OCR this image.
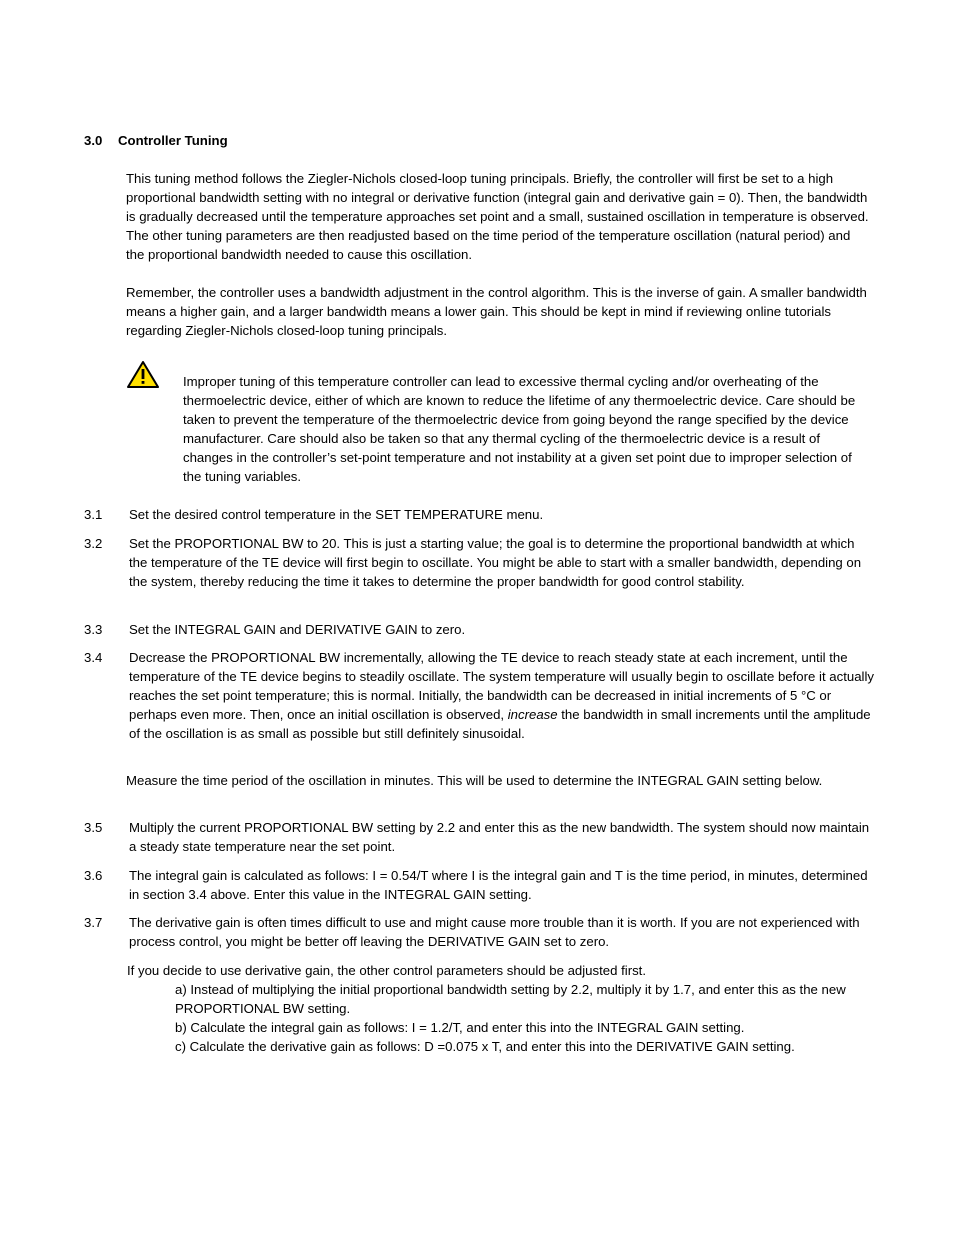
3.0 Controller Tuning

This tuning method follows the Ziegler-Nichols closed-loop tuning principals. Briefly, the controller will first be set to a high proportional bandwidth setting with no integral or derivative function (integral gain and derivative gain = 0). Then, the bandwidth is gradually decreased until the temperature approaches set point and a small, sustained oscillation in temperature is observed. The other tuning parameters are then readjusted based on the time period of the temperature oscillation (natural period) and the proportional bandwidth needed to cause this oscillation.

Remember, the controller uses a bandwidth adjustment in the control algorithm. This is the inverse of gain. A smaller bandwidth means a higher gain, and a larger bandwidth means a lower gain. This should be kept in mind if reviewing online tutorials regarding Ziegler-Nichols closed-loop tuning principals.

Improper tuning of this temperature controller can lead to excessive thermal cycling and/or overheating of the thermoelectric device, either of which are known to reduce the lifetime of any thermoelectric device. Care should be taken to prevent the temperature of the thermoelectric device from going beyond the range specified by the device manufacturer. Care should also be taken so that any thermal cycling of the thermoelectric device is a result of changes in the controller’s set-point temperature and not instability at a given set point due to improper selection of the tuning variables.
3.1	Set the desired control temperature in the SET TEMPERATURE menu.
3.2	Set the PROPORTIONAL BW to 20. This is just a starting value; the goal is to determine the proportional bandwidth at which the temperature of the TE device will first begin to oscillate. You might be able to start with a smaller bandwidth, depending on the system, thereby reducing the time it takes to determine the proper bandwidth for good control stability.
3.3	Set the INTEGRAL GAIN and DERIVATIVE GAIN to zero.
3.4	Decrease the PROPORTIONAL BW incrementally, allowing the TE device to reach steady state at each increment, until the temperature of the TE device begins to steadily oscillate. The system temperature will usually begin to oscillate before it actually reaches the set point temperature; this is normal. Initially, the bandwidth can be decreased in initial increments of 5 °C or perhaps even more. Then, once an initial oscillation is observed, increase the bandwidth in small increments until the amplitude of the oscillation is as small as possible but still definitely sinusoidal.

Measure the time period of the oscillation in minutes. This will be used to determine the INTEGRAL GAIN setting below.

3.5	Multiply the current PROPORTIONAL BW setting by 2.2 and enter this as the new bandwidth. The system should now maintain a steady state temperature near the set point.
3.6	The integral gain is calculated as follows: I = 0.54/T where I is the integral gain and T is the time period, in minutes, determined in section 3.4 above. Enter this value in the INTEGRAL GAIN setting.
3.7	The derivative gain is often times difficult to use and might cause more trouble than it is worth. If you are not experienced with process control, you might be better off leaving the DERIVATIVE GAIN set to zero.

If you decide to use derivative gain, the other control parameters should be adjusted first.

a) Instead of multiplying the initial proportional bandwidth setting by 2.2, multiply it by 1.7, and enter this as the new PROPORTIONAL BW setting.
b) Calculate the integral gain as follows: I = 1.2/T, and enter this into the INTEGRAL GAIN setting.
c) Calculate the derivative gain as follows: D =0.075 x T, and enter this into the DERIVATIVE GAIN setting.
